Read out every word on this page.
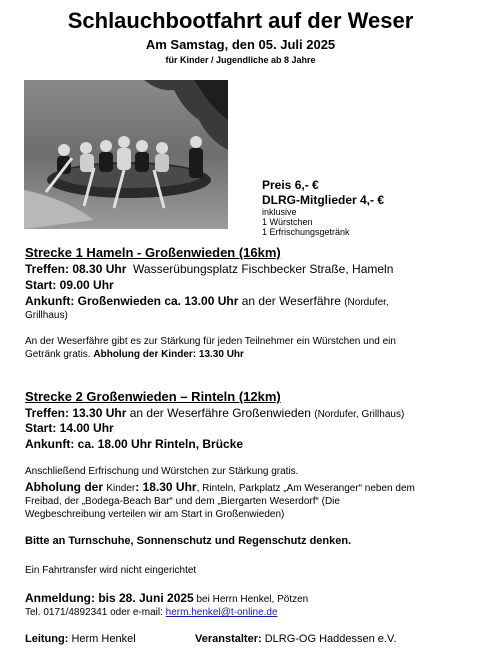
Schlauchbootfahrt auf der Weser
Am Samstag, den 05. Juli 2025
für Kinder / Jugendliche ab 8 Jahre
Preis 6,- €
DLRG-Mitglieder 4,- €
inklusive
1 Würstchen
1 Erfrischungsgetränk
Strecke 1 Hameln - Großenwieden (16km)
Treffen: 08.30 Uhr Wasserübungsplatz Fischbecker Straße, Hameln
Start: 09.00 Uhr
Ankunft: Großenwieden ca. 13.00 Uhr an der Weserfähre (Nordufer,
Grillhaus)
An der Weserfähre gibt es zur Stärkung für jeden Teilnehmer ein Würstchen und ein
Getränk gratis. Abholung der Kinder: 13.30 Uhr
Strecke 2 Großenwieden – Rinteln (12km)
Treffen: 13.30 Uhr an der Weserfähre Großenwieden (Nordufer, Grillhaus)
Start: 14.00 Uhr
Ankunft: ca. 18.00 Uhr Rinteln, Brücke
Anschließend Erfrischung und Würstchen zur Stärkung gratis.
Abholung der Kinder: 18.30 Uhr, Rinteln, Parkplatz „Am Weseranger“ neben dem
Freibad, der „Bodega-Beach Bar“ und dem „Biergarten Weserdorf“ (Die
Wegbeschreibung verteilen wir am Start in Großenwieden)
Bitte an Turnschuhe, Sonnenschutz und Regenschutz denken.
Ein Fahrtransfer wird nicht eingerichtet
Anmeldung: bis 28. Juni 2025 bei Herrn Henkel, Pötzen
Tel. 0171/4892341 oder e-mail: herm.henkel@t-online.de
Leitung: Herm Henkel	Veranstalter: DLRG-OG Haddessen e.V.
